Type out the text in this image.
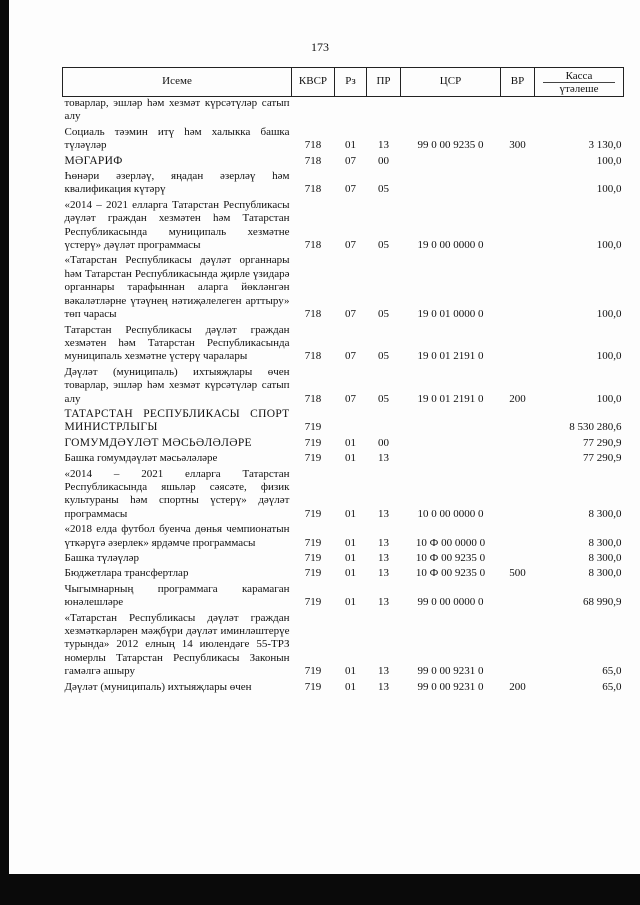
173
Исеме	КВСР	Рз	ПР	ЦСР	ВР	Касса
үтәлеше

товарлар, эшләр һәм хезмәт күрсәтүләр сатып алу						
Социаль тәэмин итү һәм халыкка башка түләүләр	718	01	13	99 0 00 9235 0	300	3 130,0
МӘГАРИФ	718	07	00			100,0
Һөнәри әзерләү, яңадан әзерләү һәм квалификация күтәрү	718	07	05			100,0
«2014 – 2021 елларга Татарстан Республикасы дәүләт граждан хезмәтен һәм Татарстан Республикасында муниципаль хезмәтне үстерү» дәүләт программасы	718	07	05	19 0 00 0000 0		100,0
«Татарстан Республикасы дәүләт органнары һәм Татарстан Республикасында җирле үзидарә органнары тарафыннан аларга йөкләнгән вәкаләтләрне үтәүнең нәтиҗәлелеген арттыру» төп чарасы	718	07	05	19 0 01 0000 0		100,0
Татарстан Республикасы дәүләт граждан хезмәтен һәм Татарстан Республикасында муниципаль хезмәтне үстерү чаралары	718	07	05	19 0 01 2191 0		100,0
Дәүләт (муниципаль) ихтыяҗлары өчен товарлар, эшләр һәм хезмәт күрсәтүләр сатып алу	718	07	05	19 0 01 2191 0	200	100,0
ТАТАРСТАН РЕСПУБЛИКАСЫ СПОРТ МИНИСТРЛЫГЫ	719					8 530 280,6
ГОМУМДӘҮЛӘТ МӘСЬӘЛӘЛӘРЕ	719	01	00			77 290,9
Башка гомумдәүләт мәсьәләләре	719	01	13			77 290,9
«2014 – 2021 елларга Татарстан Республикасында яшьләр сәясәте, физик культураны һәм спортны үстерү» дәүләт программасы	719	01	13	10 0 00 0000 0		8 300,0
«2018 елда футбол буенча дөнья чемпионатын үткәрүгә әзерлек» ярдәмче программасы	719	01	13	10 Ф 00 0000 0		8 300,0
Башка түләүләр	719	01	13	10 Ф 00 9235 0		8 300,0
Бюджетлара трансфертлар	719	01	13	10 Ф 00 9235 0	500	8 300,0
Чыгымнарның программага карамаган юнәлешләре	719	01	13	99 0 00 0000 0		68 990,9
«Татарстан Республикасы дәүләт граждан хезмәткәрләрен мәҗбүри дәүләт иминләштерүе турында» 2012 елның 14 июлендәге 55-ТРЗ номерлы Татарстан Республикасы Законын гамәлгә ашыру	719	01	13	99 0 00 9231 0		65,0
Дәүләт (муниципаль) ихтыяҗлары өчен	719	01	13	99 0 00 9231 0	200	65,0
